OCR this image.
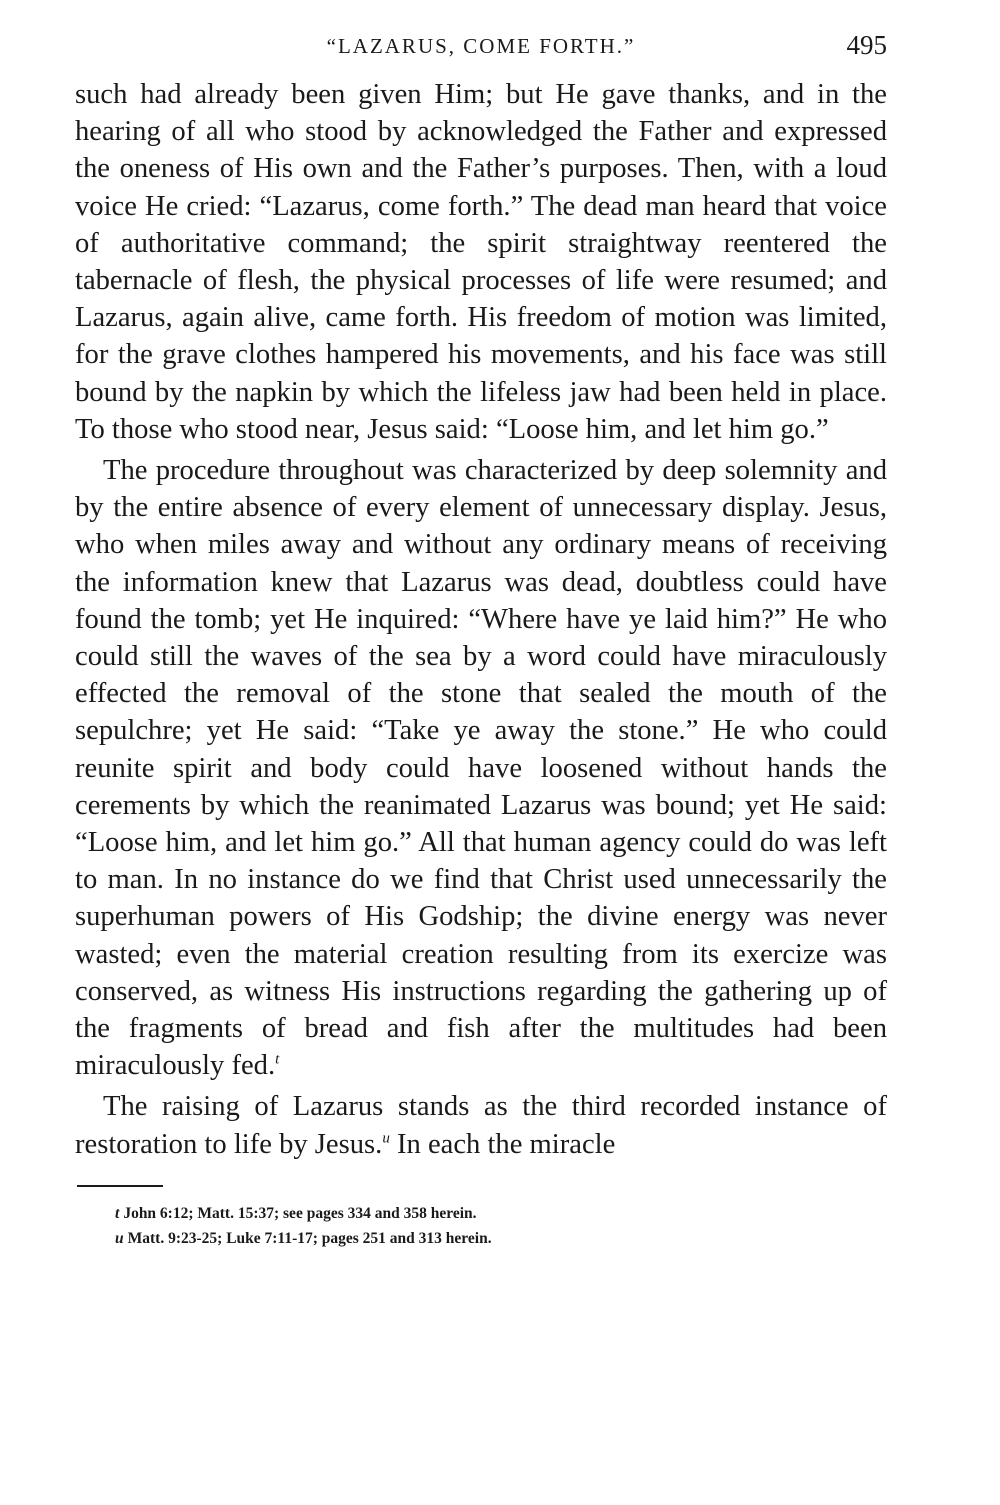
“LAZARUS, COME FORTH.”	495

such had already been given Him; but He gave thanks, and in the hearing of all who stood by acknowledged the Father and expressed the oneness of His own and the Father’s purposes. Then, with a loud voice He cried: “Lazarus, come forth.” The dead man heard that voice of authoritative command; the spirit straightway reentered the tabernacle of flesh, the physical processes of life were resumed; and Lazarus, again alive, came forth. His freedom of motion was limited, for the grave clothes hampered his movements, and his face was still bound by the napkin by which the lifeless jaw had been held in place. To those who stood near, Jesus said: “Loose him, and let him go.”

The procedure throughout was characterized by deep solemnity and by the entire absence of every element of unnecessary display. Jesus, who when miles away and without any ordinary means of receiving the information knew that Lazarus was dead, doubtless could have found the tomb; yet He inquired: “Where have ye laid him?” He who could still the waves of the sea by a word could have miraculously effected the removal of the stone that sealed the mouth of the sepulchre; yet He said: “Take ye away the stone.” He who could reunite spirit and body could have loosened without hands the cerements by which the reanimated Lazarus was bound; yet He said: “Loose him, and let him go.” All that human agency could do was left to man. In no instance do we find that Christ used unnecessarily the superhuman powers of His Godship; the divine energy was never wasted; even the material creation resulting from its exercize was conserved, as witness His instructions regarding the gathering up of the fragments of bread and fish after the multitudes had been miraculously fed.$^t$

The raising of Lazarus stands as the third recorded instance of restoration to life by Jesus.$^u$ In each the miracle

t John 6:12; Matt. 15:37; see pages 334 and 358 herein.
u Matt. 9:23-25; Luke 7:11-17; pages 251 and 313 herein.
